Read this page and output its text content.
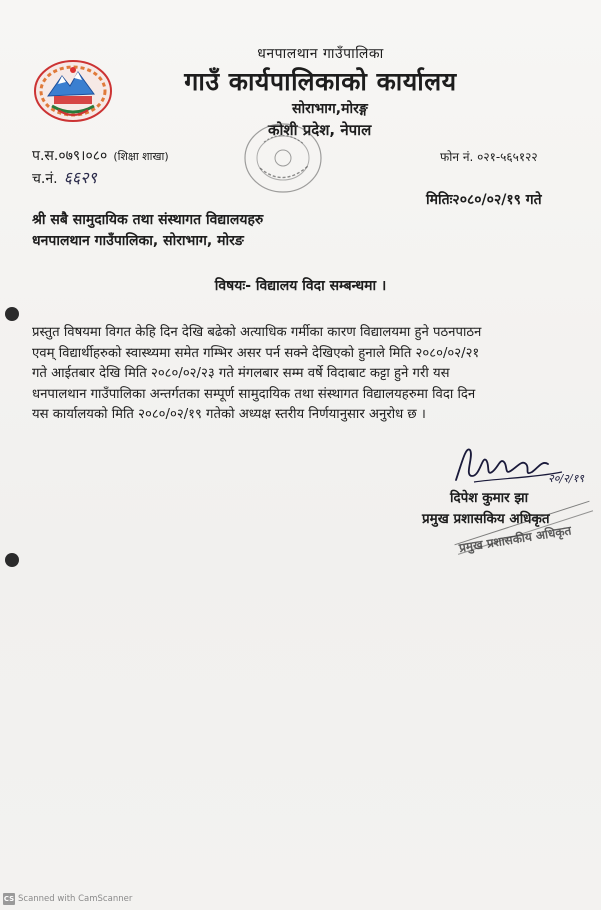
धनपालथान गाउँपालिका
गाउँ कार्यपालिकाको कार्यालय
सोराभाग,मोरङ्ग
कोशी प्रदेश, नेपाल
प.स.०७९।०८० (शिक्षा शाखा)
च.नं. ६६२९
फोन नं. ०२१-५६५१२२
मितिः२०८०/०२/१९ गते
श्री सबै सामुदायिक तथा संस्थागत विद्यालयहरु
धनपालथान गाउँपालिका, सोराभाग, मोरङ
विषयः- विद्यालय विदा सम्बन्धमा ।
प्रस्तुत विषयमा विगत केहि दिन देखि बढेको अत्याधिक गर्मीका कारण विद्यालयमा हुने पठनपाठन
एवम् विद्यार्थीहरुको स्वास्थ्यमा समेत गम्भिर असर पर्न सक्ने देखिएको हुनाले मिति २०८०/०२/२१
गते आईतबार देखि मिति २०८०/०२/२३ गते मंगलबार सम्म वर्षे विदाबाट कट्टा हुने गरी यस
धनपालथान गाउँपालिका अन्तर्गतका सम्पूर्ण सामुदायिक तथा संस्थागत विद्यालयहरुमा विदा दिन
यस कार्यालयको मिति २०८०/०२/१९ गतेको अध्यक्ष स्तरीय निर्णयानुसार अनुरोध छ ।
२०/२/१९
दिपेश कुमार झा
प्रमुख प्रशासकिय अधिकृत
प्रमुख प्रशासकीय अधिकृत
CS Scanned with CamScanner
